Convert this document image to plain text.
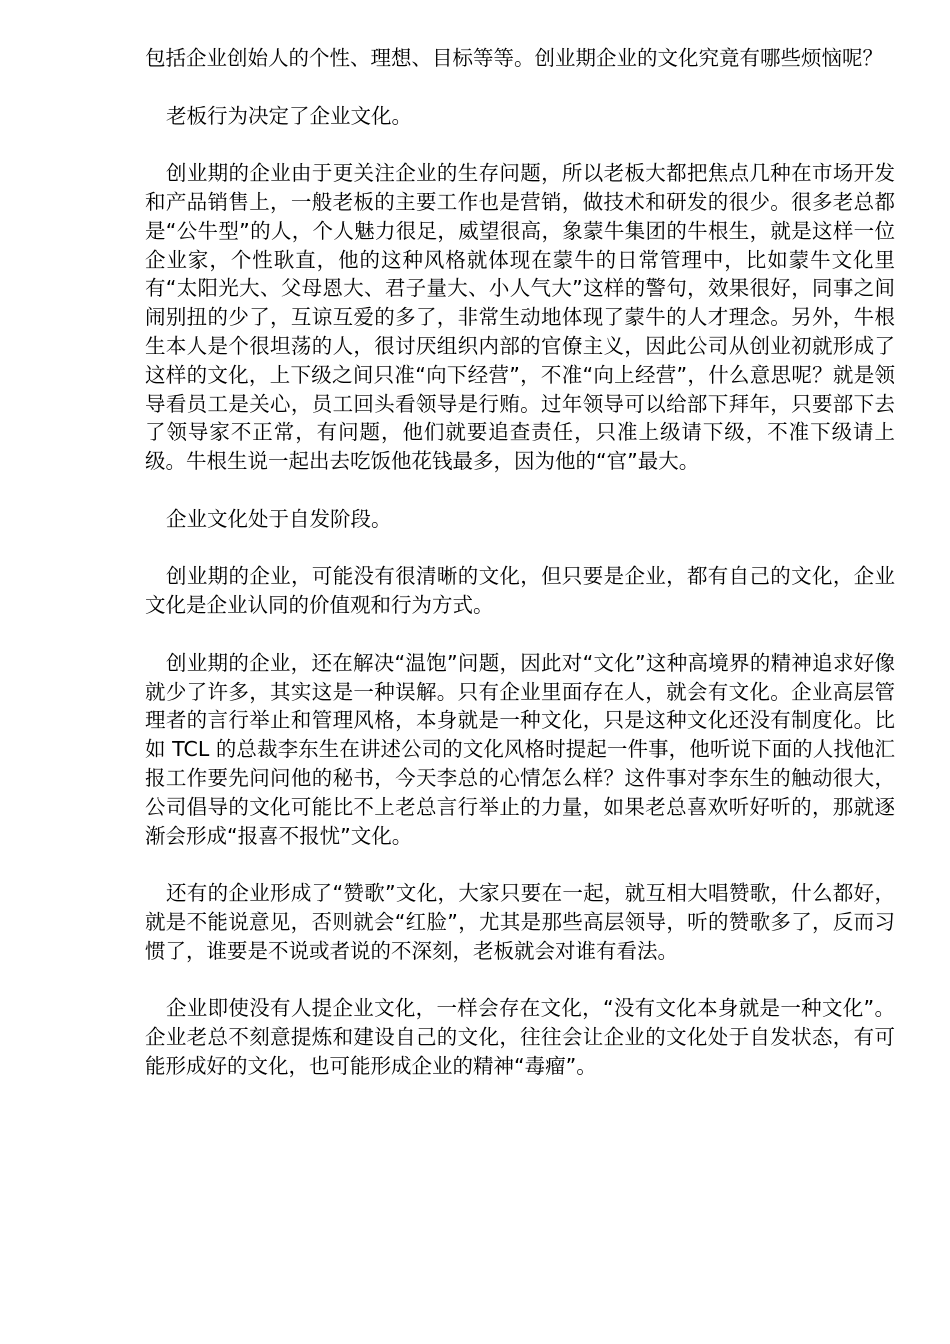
包括企业创始人的个性、理想、目标等等。创业期企业的文化究竟有哪些烦恼呢？

老板行为决定了企业文化。

创业期的企业由于更关注企业的生存问题，所以老板大都把焦点几种在市场开发和产品销售上，一般老板的主要工作也是营销，做技术和研发的很少。很多老总都是“公牛型”的人，个人魅力很足，威望很高，象蒙牛集团的牛根生，就是这样一位企业家，个性耿直，他的这种风格就体现在蒙牛的日常管理中，比如蒙牛文化里有“太阳光大、父母恩大、君子量大、小人气大”这样的警句，效果很好，同事之间闹别扭的少了，互谅互爱的多了，非常生动地体现了蒙牛的人才理念。另外，牛根生本人是个很坦荡的人，很讨厌组织内部的官僚主义，因此公司从创业初就形成了这样的文化，上下级之间只准“向下经营”，不准“向上经营”，什么意思呢？就是领导看员工是关心，员工回头看领导是行贿。过年领导可以给部下拜年，只要部下去了领导家不正常，有问题，他们就要追查责任，只准上级请下级，不准下级请上级。牛根生说一起出去吃饭他花钱最多，因为他的“官”最大。

企业文化处于自发阶段。

创业期的企业，可能没有很清晰的文化，但只要是企业，都有自己的文化，企业文化是企业认同的价值观和行为方式。

创业期的企业，还在解决“温饱”问题，因此对“文化”这种高境界的精神追求好像就少了许多，其实这是一种误解。只有企业里面存在人，就会有文化。企业高层管理者的言行举止和管理风格，本身就是一种文化，只是这种文化还没有制度化。比如 TCL 的总裁李东生在讲述公司的文化风格时提起一件事，他听说下面的人找他汇报工作要先问问他的秘书，今天李总的心情怎么样？这件事对李东生的触动很大，公司倡导的文化可能比不上老总言行举止的力量，如果老总喜欢听好听的，那就逐渐会形成“报喜不报忧”文化。

还有的企业形成了“赞歌”文化，大家只要在一起，就互相大唱赞歌，什么都好，就是不能说意见，否则就会“红脸”，尤其是那些高层领导，听的赞歌多了，反而习惯了，谁要是不说或者说的不深刻，老板就会对谁有看法。

企业即使没有人提企业文化，一样会存在文化，“没有文化本身就是一种文化”。企业老总不刻意提炼和建设自己的文化，往往会让企业的文化处于自发状态，有可能形成好的文化，也可能形成企业的精神“毒瘤”。
